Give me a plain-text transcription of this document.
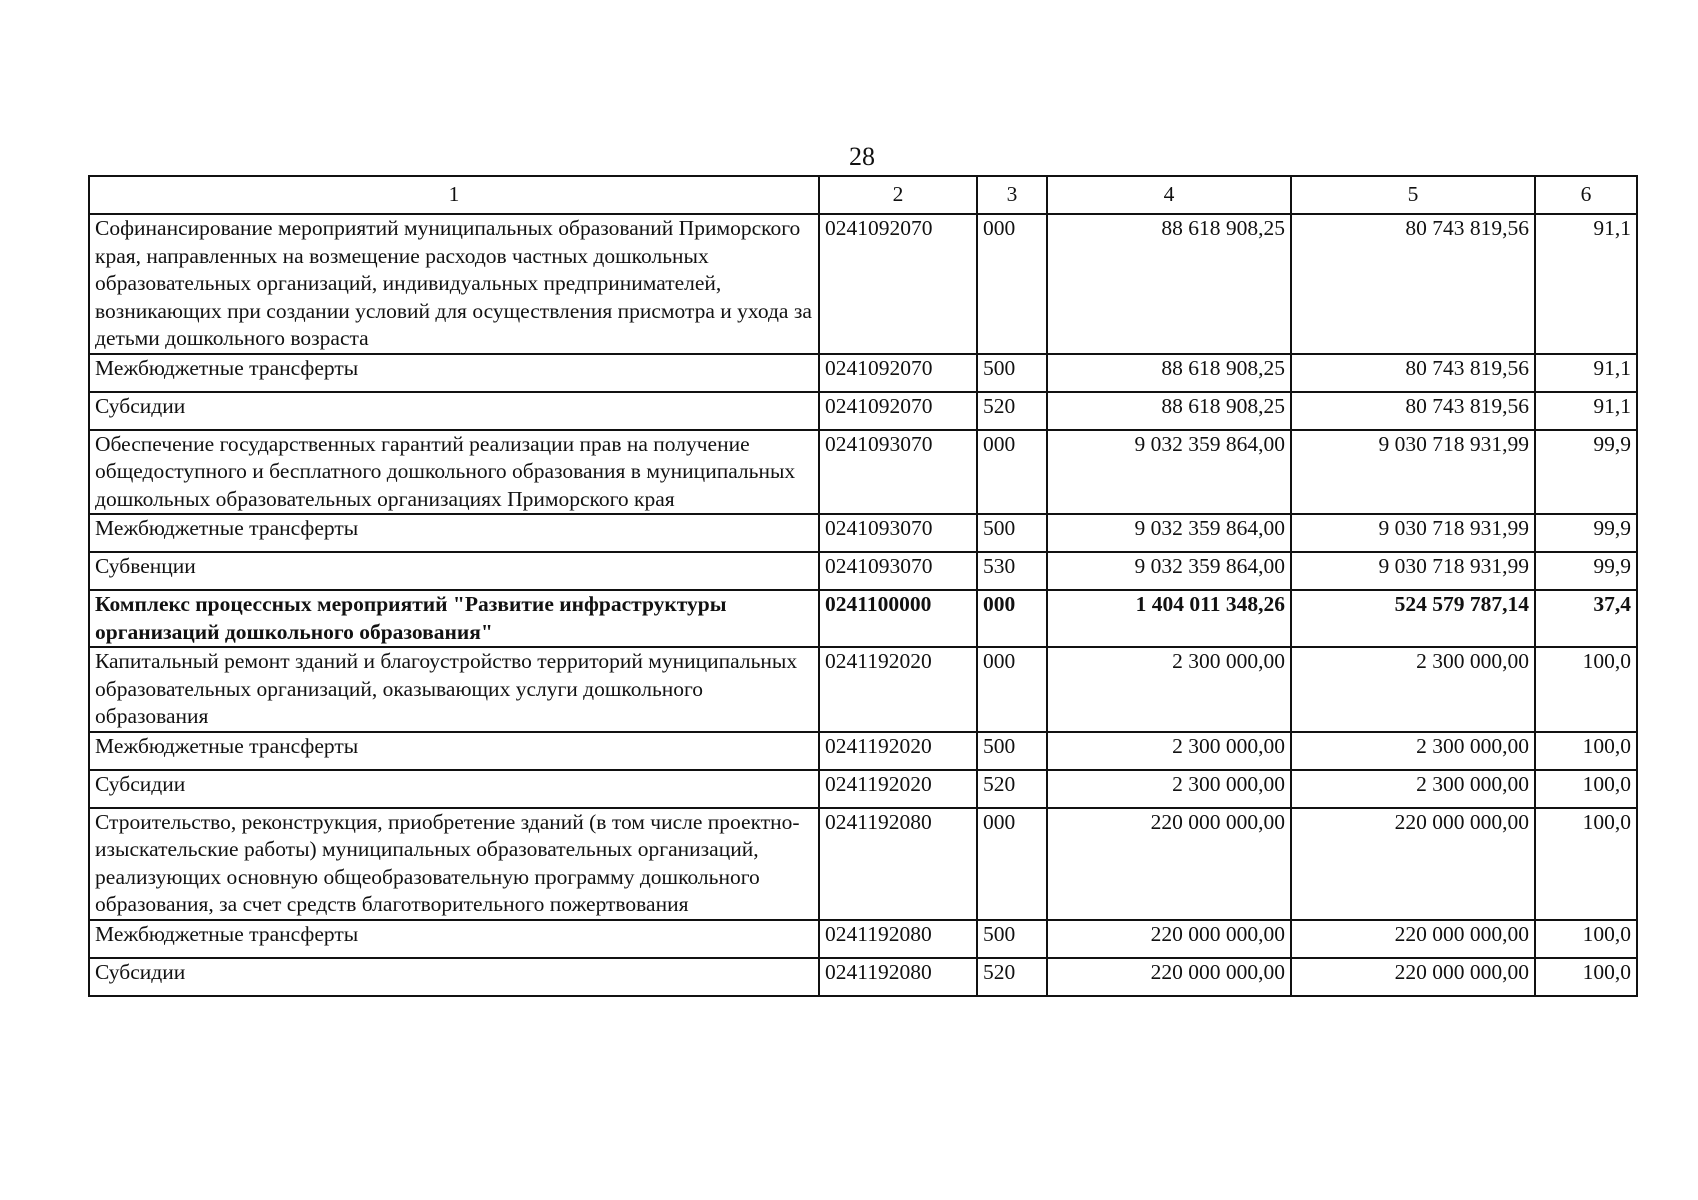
28
1	2	3	4	5	6
Софинансирование мероприятий муниципальных образований Приморского края, направленных на возмещение расходов частных дошкольных образовательных организаций, индивидуальных предпринимателей, возникающих при создании условий для осуществления присмотра и ухода за детьми дошкольного возраста	0241092070	000	88 618 908,25	80 743 819,56	91,1
Межбюджетные трансферты	0241092070	500	88 618 908,25	80 743 819,56	91,1
Субсидии	0241092070	520	88 618 908,25	80 743 819,56	91,1
Обеспечение государственных гарантий реализации прав на получение общедоступного и бесплатного дошкольного образования в муниципальных дошкольных образовательных организациях Приморского края	0241093070	000	9 032 359 864,00	9 030 718 931,99	99,9
Межбюджетные трансферты	0241093070	500	9 032 359 864,00	9 030 718 931,99	99,9
Субвенции	0241093070	530	9 032 359 864,00	9 030 718 931,99	99,9
Комплекс процессных мероприятий "Развитие инфраструктуры организаций дошкольного образования"	0241100000	000	1 404 011 348,26	524 579 787,14	37,4
Капитальный ремонт зданий и благоустройство территорий муниципальных образовательных организаций, оказывающих услуги дошкольного образования	0241192020	000	2 300 000,00	2 300 000,00	100,0
Межбюджетные трансферты	0241192020	500	2 300 000,00	2 300 000,00	100,0
Субсидии	0241192020	520	2 300 000,00	2 300 000,00	100,0
Строительство, реконструкция, приобретение зданий (в том числе проектно-изыскательские работы) муниципальных образовательных организаций, реализующих основную общеобразовательную программу дошкольного образования, за счет средств благотворительного пожертвования	0241192080	000	220 000 000,00	220 000 000,00	100,0
Межбюджетные трансферты	0241192080	500	220 000 000,00	220 000 000,00	100,0
Субсидии	0241192080	520	220 000 000,00	220 000 000,00	100,0
